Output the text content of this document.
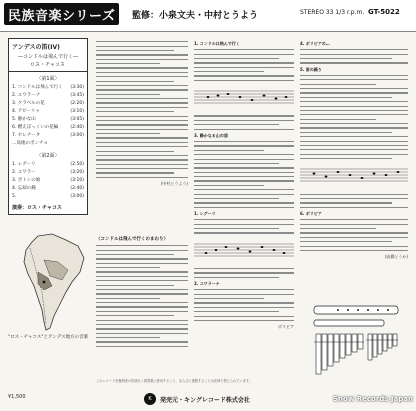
民族音楽シリーズ	監修：小泉文夫・中村とうよう	STEREO 33 1/3 r.p.m. GT-5022
アンデスの笛(IV)
―コンドルは飛んで行く―
ロス・チャコス
〈第1面〉
1. コンドルは飛んで行く (3:30)
2. ユワラーナ	(3:45)
3. クラベルの花	(2:20)
4. アビーリャ	(3:10)
5. 静かな山	(3:05)
6. 燃えぼっくいの花輪	(2:40)
7. セレナータ	(3:00)
…高地のポンチョ
〈第2面〉
1. レグーリ	(2:50)
2. ユワラー	(3:20)
3. ポトシの娘	(3:10)
4. 忘却の鐘	(2:40)
5.	(3:00)
演奏：ロス・チャコス
"ロス・チャコス"とアンデス地方の音楽
¥1,500
(中村とうよう)
〈コンドルは飛んで行くのまわり〉
1. コンドルは飛んで行く
3. 静かなる山の頂
1. レグーリ
2. ユワラーナ
ボリビア
4. ボリビアの…
5. 笛の踊り
6. ボリビア
(高橋とうか)
このレコードを権利者の許諾なく賃貸業に使用すること、ならびに複製することは法律で禁じられています。
K	発売元・キングレコード株式会社	Snow Records Japan
